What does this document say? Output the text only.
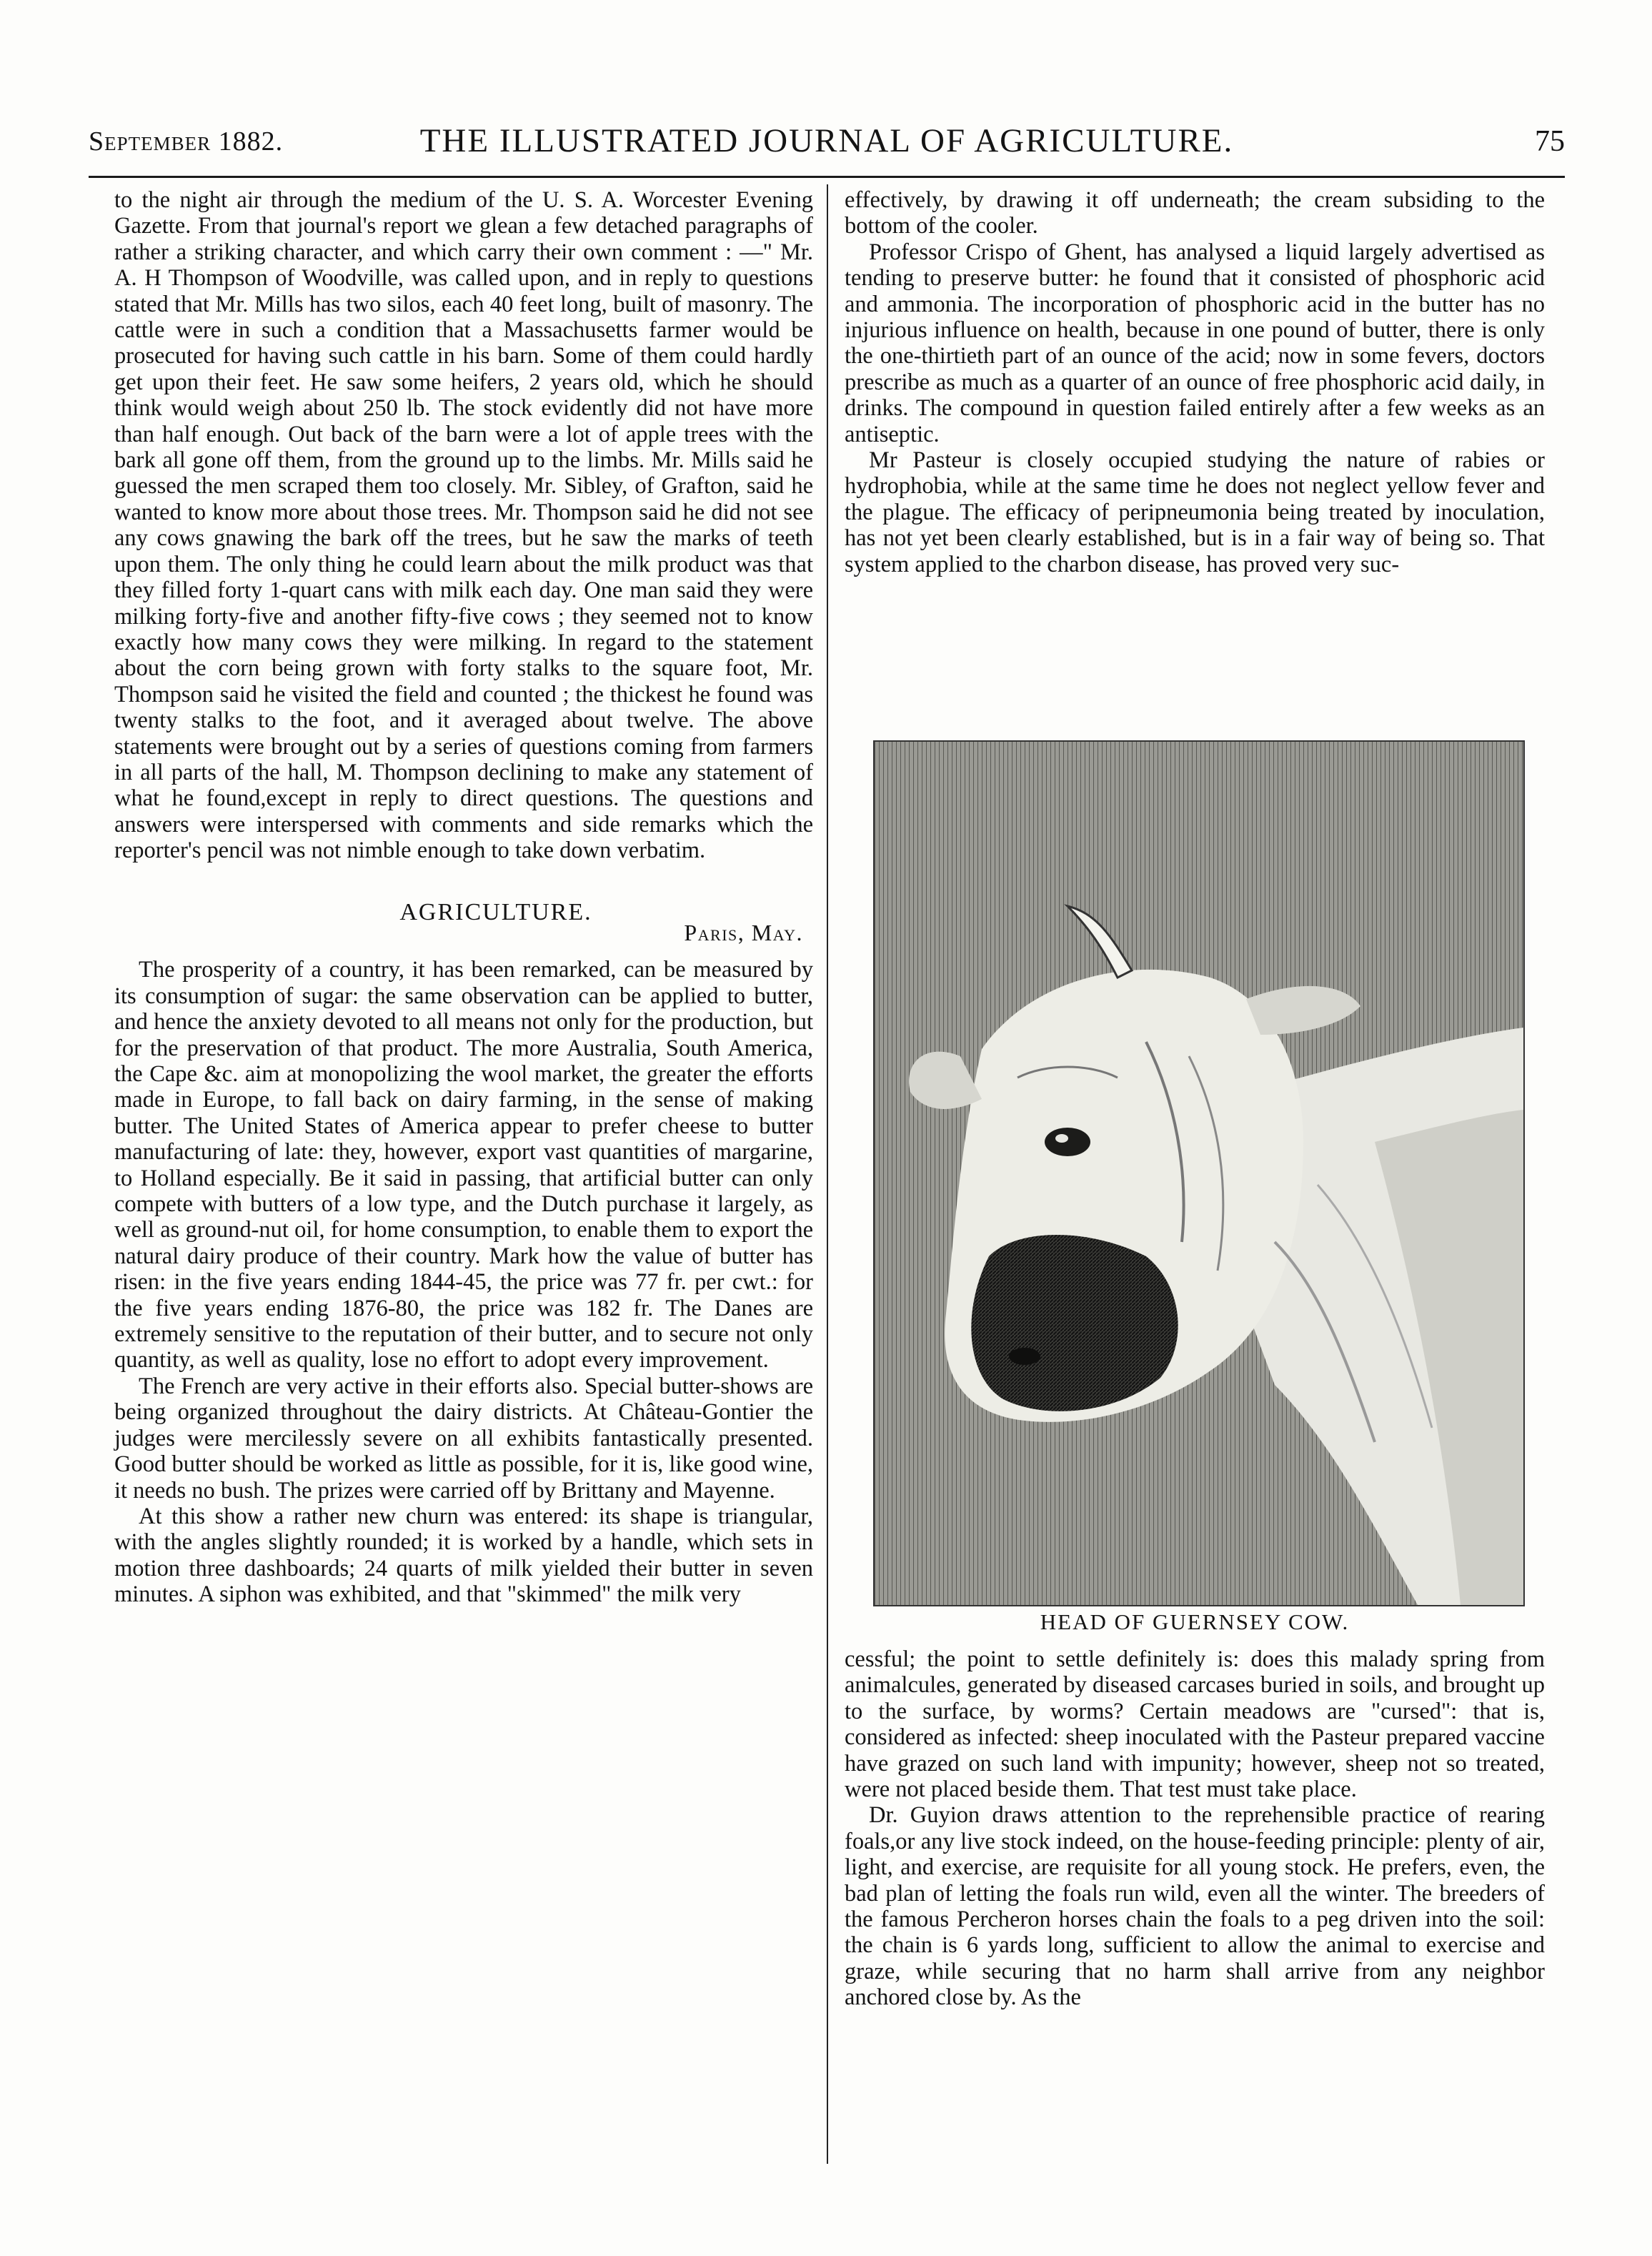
September 1882.	THE ILLUSTRATED JOURNAL OF AGRICULTURE.	75

to the night air through the medium of the U. S. A. Worcester Evening Gazette. From that journal's report we glean a few detached paragraphs of rather a striking character, and which carry their own comment : —" Mr. A. H Thompson of Woodville, was called upon, and in reply to questions stated that Mr. Mills has two silos, each 40 feet long, built of masonry. The cattle were in such a condition that a Massachusetts farmer would be prosecuted for having such cattle in his barn. Some of them could hardly get upon their feet. He saw some heifers, 2 years old, which he should think would weigh about 250 lb. The stock evidently did not have more than half enough. Out back of the barn were a lot of apple trees with the bark all gone off them, from the ground up to the limbs. Mr. Mills said he guessed the men scraped them too closely. Mr. Sibley, of Grafton, said he wanted to know more about those trees. Mr. Thompson said he did not see any cows gnawing the bark off the trees, but he saw the marks of teeth upon them. The only thing he could learn about the milk product was that they filled forty 1-quart cans with milk each day. One man said they were milking forty-five and another fifty-five cows ; they seemed not to know exactly how many cows they were milking. In regard to the statement about the corn being grown with forty stalks to the square foot, Mr. Thompson said he visited the field and counted ; the thickest he found was twenty stalks to the foot, and it averaged about twelve. The above statements were brought out by a series of questions coming from farmers in all parts of the hall, M. Thompson declining to make any statement of what he found,except in reply to direct questions. The questions and answers were interspersed with comments and side remarks which the reporter's pencil was not nimble enough to take down verbatim.

AGRICULTURE.
Paris, May.

The prosperity of a country, it has been remarked, can be measured by its consumption of sugar: the same observation can be applied to butter, and hence the anxiety devoted to all means not only for the production, but for the preservation of that product. The more Australia, South America, the Cape &c. aim at monopolizing the wool market, the greater the efforts made in Europe, to fall back on dairy farming, in the sense of making butter. The United States of America appear to prefer cheese to butter manufacturing of late: they, however, export vast quantities of margarine, to Holland especially. Be it said in passing, that artificial butter can only compete with butters of a low type, and the Dutch purchase it largely, as well as ground-nut oil, for home consumption, to enable them to export the natural dairy produce of their country. Mark how the value of butter has risen: in the five years ending 1844-45, the price was 77 fr. per cwt.: for the five years ending 1876-80, the price was 182 fr. The Danes are extremely sensitive to the reputation of their butter, and to secure not only quantity, as well as quality, lose no effort to adopt every improvement.

The French are very active in their efforts also. Special butter-shows are being organized throughout the dairy districts. At Château-Gontier the judges were mercilessly severe on all exhibits fantastically presented. Good butter should be worked as little as possible, for it is, like good wine, it needs no bush. The prizes were carried off by Brittany and Mayenne.

At this show a rather new churn was entered: its shape is triangular, with the angles slightly rounded; it is worked by a handle, which sets in motion three dashboards; 24 quarts of milk yielded their butter in seven minutes. A siphon was exhibited, and that "skimmed" the milk very

effectively, by drawing it off underneath; the cream subsiding to the bottom of the cooler.

Professor Crispo of Ghent, has analysed a liquid largely advertised as tending to preserve butter: he found that it consisted of phosphoric acid and ammonia. The incorporation of phosphoric acid in the butter has no injurious influence on health, because in one pound of butter, there is only the one-thirtieth part of an ounce of the acid; now in some fevers, doctors prescribe as much as a quarter of an ounce of free phosphoric acid daily, in drinks. The compound in question failed entirely after a few weeks as an antiseptic.

Mr Pasteur is closely occupied studying the nature of rabies or hydrophobia, while at the same time he does not neglect yellow fever and the plague. The efficacy of peripneumonia being treated by inoculation, has not yet been clearly established, but is in a fair way of being so. That system applied to the charbon disease, has proved very suc-

HEAD OF GUERNSEY COW.

cessful; the point to settle definitely is: does this malady spring from animalcules, generated by diseased carcases buried in soils, and brought up to the surface, by worms? Certain meadows are "cursed": that is, considered as infected: sheep inoculated with the Pasteur prepared vaccine have grazed on such land with impunity; however, sheep not so treated, were not placed beside them. That test must take place.

Dr. Guyion draws attention to the reprehensible practice of rearing foals,or any live stock indeed, on the house-feeding principle: plenty of air, light, and exercise, are requisite for all young stock. He prefers, even, the bad plan of letting the foals run wild, even all the winter. The breeders of the famous Percheron horses chain the foals to a peg driven into the soil: the chain is 6 yards long, sufficient to allow the animal to exercise and graze, while securing that no harm shall arrive from any neighbor anchored close by. As the
